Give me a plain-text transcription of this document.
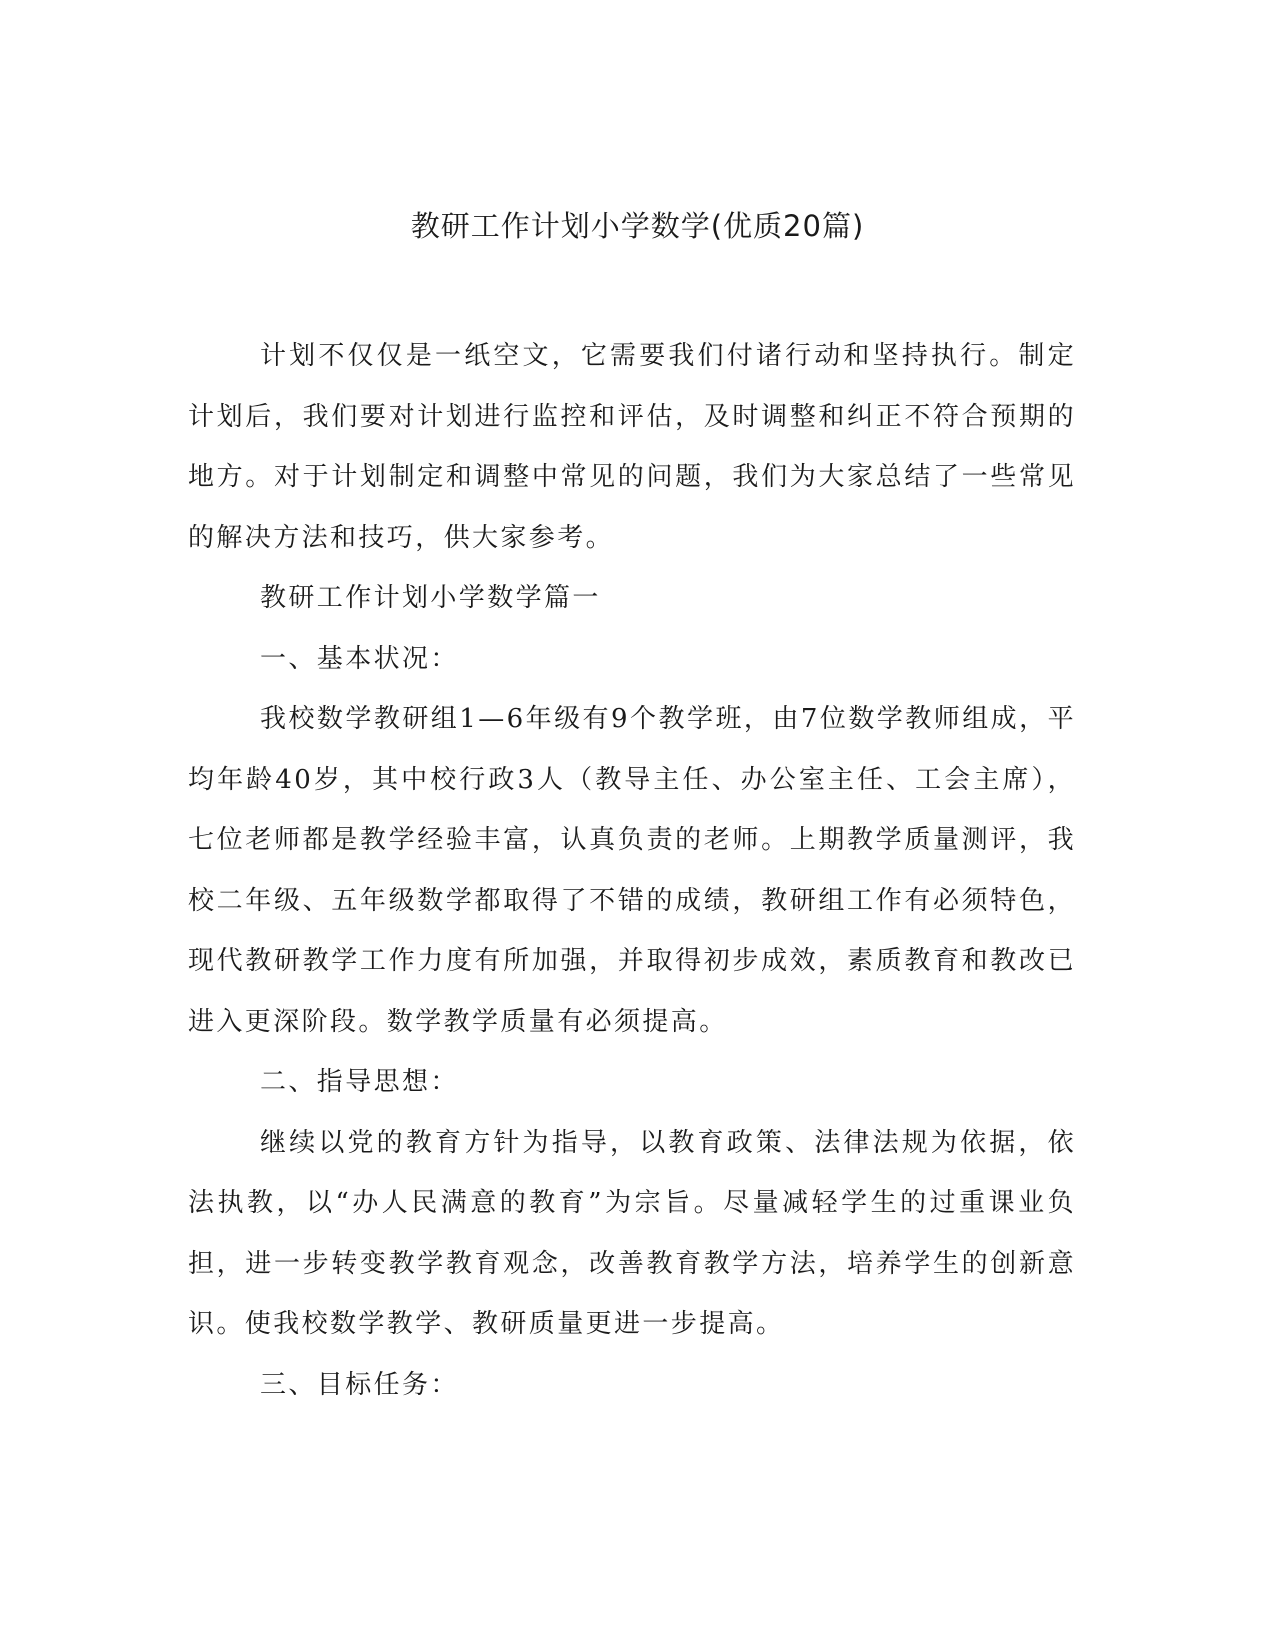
教研工作计划小学数学(优质20篇)

计划不仅仅是一纸空文，它需要我们付诸行动和坚持执行。制定计划后，我们要对计划进行监控和评估，及时调整和纠正不符合预期的地方。对于计划制定和调整中常见的问题，我们为大家总结了一些常见的解决方法和技巧，供大家参考。

教研工作计划小学数学篇一

一、基本状况：

我校数学教研组1—6年级有9个教学班，由7位数学教师组成，平均年龄40岁，其中校行政3人（教导主任、办公室主任、工会主席），七位老师都是教学经验丰富，认真负责的老师。上期教学质量测评，我校二年级、五年级数学都取得了不错的成绩，教研组工作有必须特色，现代教研教学工作力度有所加强，并取得初步成效，素质教育和教改已进入更深阶段。数学教学质量有必须提高。

二、指导思想：

继续以党的教育方针为指导，以教育政策、法律法规为依据，依法执教，以“办人民满意的教育”为宗旨。尽量减轻学生的过重课业负担，进一步转变教学教育观念，改善教育教学方法，培养学生的创新意识。使我校数学教学、教研质量更进一步提高。

三、目标任务：
